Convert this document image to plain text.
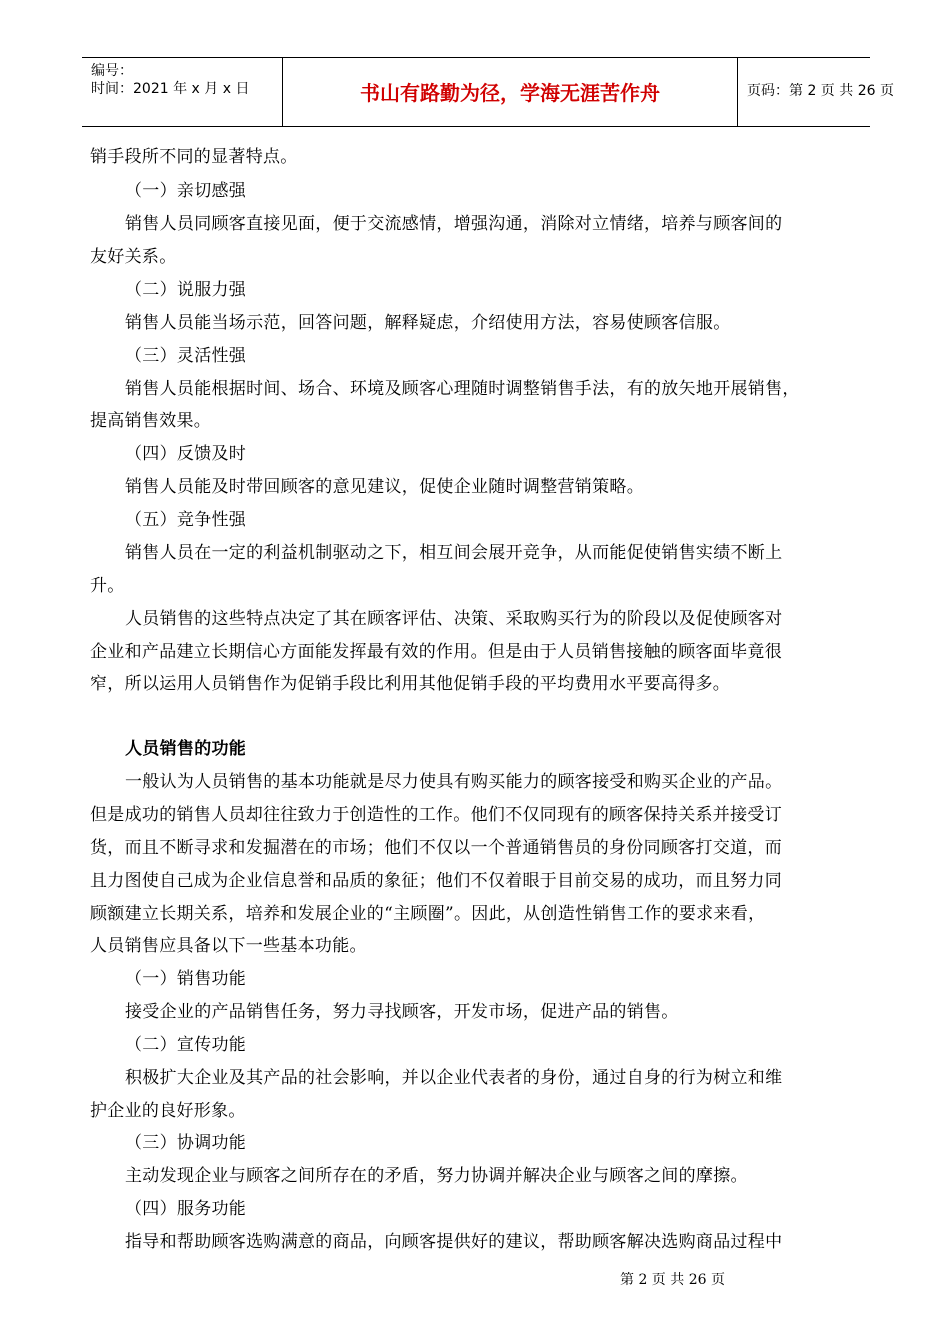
编号：
时间：2021 年 x 月 x 日	书山有路勤为径，学海无涯苦作舟	页码：第 2 页 共 26 页
销手段所不同的显著特点。
（一）亲切感强
销售人员同顾客直接见面，便于交流感情，增强沟通，消除对立情绪，培养与顾客间的
友好关系。
（二）说服力强
销售人员能当场示范，回答问题，解释疑虑，介绍使用方法，容易使顾客信服。
（三）灵活性强
销售人员能根据时间、场合、环境及顾客心理随时调整销售手法，有的放矢地开展销售，
提高销售效果。
（四）反馈及时
销售人员能及时带回顾客的意见建议，促使企业随时调整营销策略。
（五）竞争性强
销售人员在一定的利益机制驱动之下，相互间会展开竞争，从而能促使销售实绩不断上
升。
人员销售的这些特点决定了其在顾客评估、决策、采取购买行为的阶段以及促使顾客对
企业和产品建立长期信心方面能发挥最有效的作用。但是由于人员销售接触的顾客面毕竟很
窄，所以运用人员销售作为促销手段比利用其他促销手段的平均费用水平要高得多。
人员销售的功能
一般认为人员销售的基本功能就是尽力使具有购买能力的顾客接受和购买企业的产品。
但是成功的销售人员却往往致力于创造性的工作。他们不仅同现有的顾客保持关系并接受订
货，而且不断寻求和发掘潜在的市场；他们不仅以一个普通销售员的身份同顾客打交道，而
且力图使自己成为企业信息誉和品质的象征；他们不仅着眼于目前交易的成功，而且努力同
顾额建立长期关系，培养和发展企业的“主顾圈”。因此，从创造性销售工作的要求来看，
人员销售应具备以下一些基本功能。
（一）销售功能
接受企业的产品销售任务，努力寻找顾客，开发市场，促进产品的销售。
（二）宣传功能
积极扩大企业及其产品的社会影响，并以企业代表者的身份，通过自身的行为树立和维
护企业的良好形象。
（三）协调功能
主动发现企业与顾客之间所存在的矛盾，努力协调并解决企业与顾客之间的摩擦。
（四）服务功能
指导和帮助顾客选购满意的商品，向顾客提供好的建议，帮助顾客解决选购商品过程中
第 2 页 共 26 页
